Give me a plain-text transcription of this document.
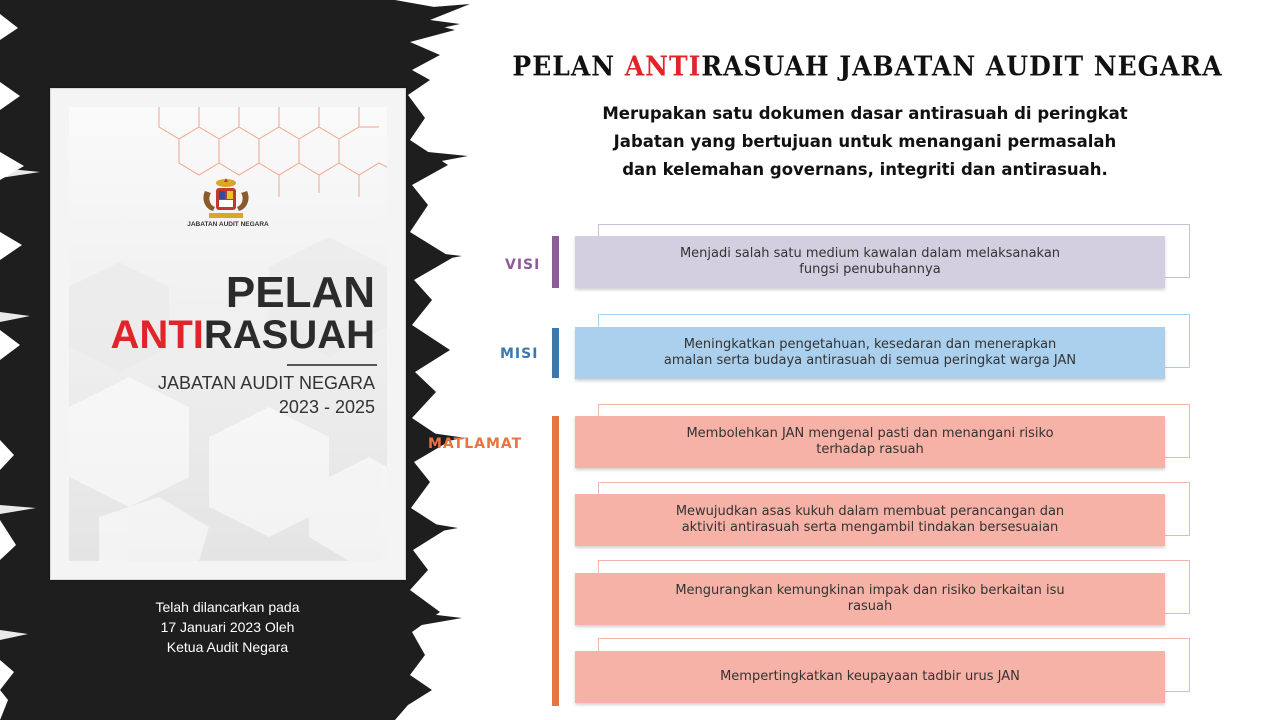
JABATAN AUDIT NEGARA
PELAN
ANTIRASUAH
JABATAN AUDIT NEGARA
2023 - 2025
Telah dilancarkan pada
17 Januari 2023 Oleh
Ketua Audit Negara
PELAN ANTIRASUAH JABATAN AUDIT NEGARA
Merupakan satu dokumen dasar antirasuah di peringkat
Jabatan yang bertujuan untuk menangani permasalah
dan kelemahan governans, integriti dan antirasuah.
VISI
Menjadi salah satu medium kawalan dalam melaksanakan
fungsi penubuhannya
MISI
Meningkatkan pengetahuan, kesedaran dan menerapkan
amalan serta budaya antirasuah di semua peringkat warga JAN
MATLAMAT
Membolehkan JAN mengenal pasti dan menangani risiko
terhadap rasuah
Mewujudkan asas kukuh dalam membuat perancangan dan
aktiviti antirasuah serta mengambil tindakan bersesuaian
Mengurangkan kemungkinan impak dan risiko berkaitan isu
rasuah
Mempertingkatkan keupayaan tadbir urus JAN
